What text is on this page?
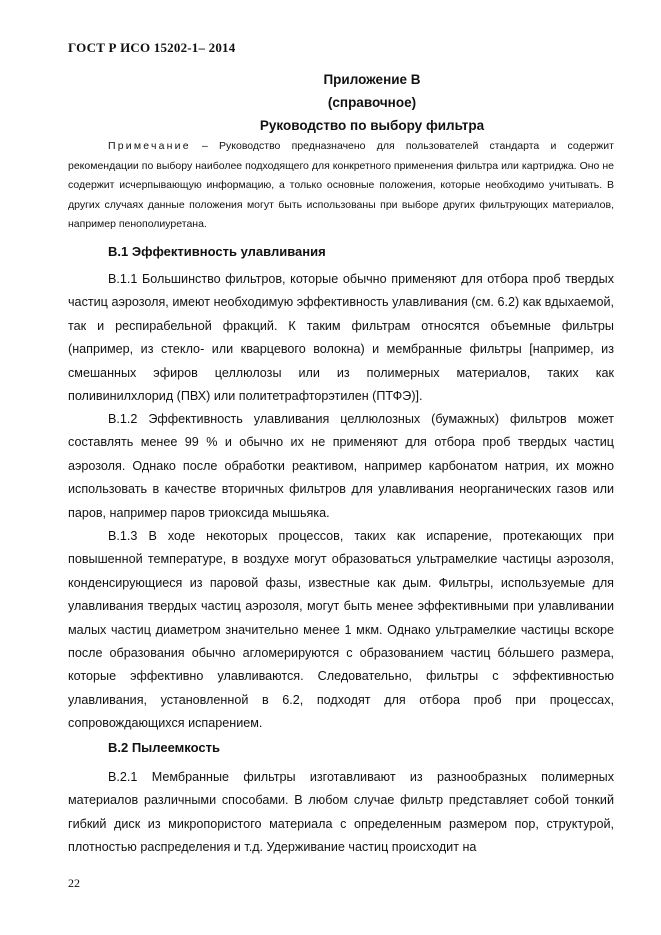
ГОСТ Р ИСО 15202-1– 2014
Приложение В
(справочное)
Руководство по выбору фильтра
Примечание – Руководство предназначено для пользователей стандарта и содержит рекомендации по выбору наиболее подходящего для конкретного применения фильтра или картриджа. Оно не содержит исчерпывающую информацию, а только основные положения, которые необходимо учитывать. В других случаях данные положения могут быть использованы при выборе других фильтрующих материалов, например пенополиуретана.
В.1 Эффективность улавливания

В.1.1 Большинство фильтров, которые обычно применяют для отбора проб твердых частиц аэрозоля, имеют необходимую эффективность улавливания (см. 6.2) как вдыхаемой, так и респирабельной фракций. К таким фильтрам относятся объемные фильтры (например, из стекло- или кварцевого волокна) и мембранные фильтры [например, из смешанных эфиров целлюлозы или из полимерных материалов, таких как поливинилхлорид (ПВХ) или политетрафторэтилен (ПТФЭ)].

В.1.2 Эффективность улавливания целлюлозных (бумажных) фильтров может составлять менее 99 % и обычно их не применяют для отбора проб твердых частиц аэрозоля. Однако после обработки реактивом, например карбонатом натрия, их можно использовать в качестве вторичных фильтров для улавливания неорганических газов или паров, например паров триоксида мышьяка.

В.1.3 В ходе некоторых процессов, таких как испарение, протекающих при повышенной температуре, в воздухе могут образоваться ультрамелкие частицы аэрозоля, конденсирующиеся из паровой фазы, известные как дым. Фильтры, используемые для улавливания твердых частиц аэрозоля, могут быть менее эффективными при улавливании малых частиц диаметром значительно менее 1 мкм. Однако ультрамелкие частицы вскоре после образования обычно агломерируются с образованием частиц бóльшего размера, которые эффективно улавливаются. Следовательно, фильтры с эффективностью улавливания, установленной в 6.2, подходят для отбора проб при процессах, сопровождающихся испарением.

В.2 Пылеемкость

В.2.1 Мембранные фильтры изготавливают из разнообразных полимерных материалов различными способами. В любом случае фильтр представляет собой тонкий гибкий диск из микропористого материала с определенным размером пор, структурой, плотностью распределения и т.д. Удерживание частиц происходит на

22
